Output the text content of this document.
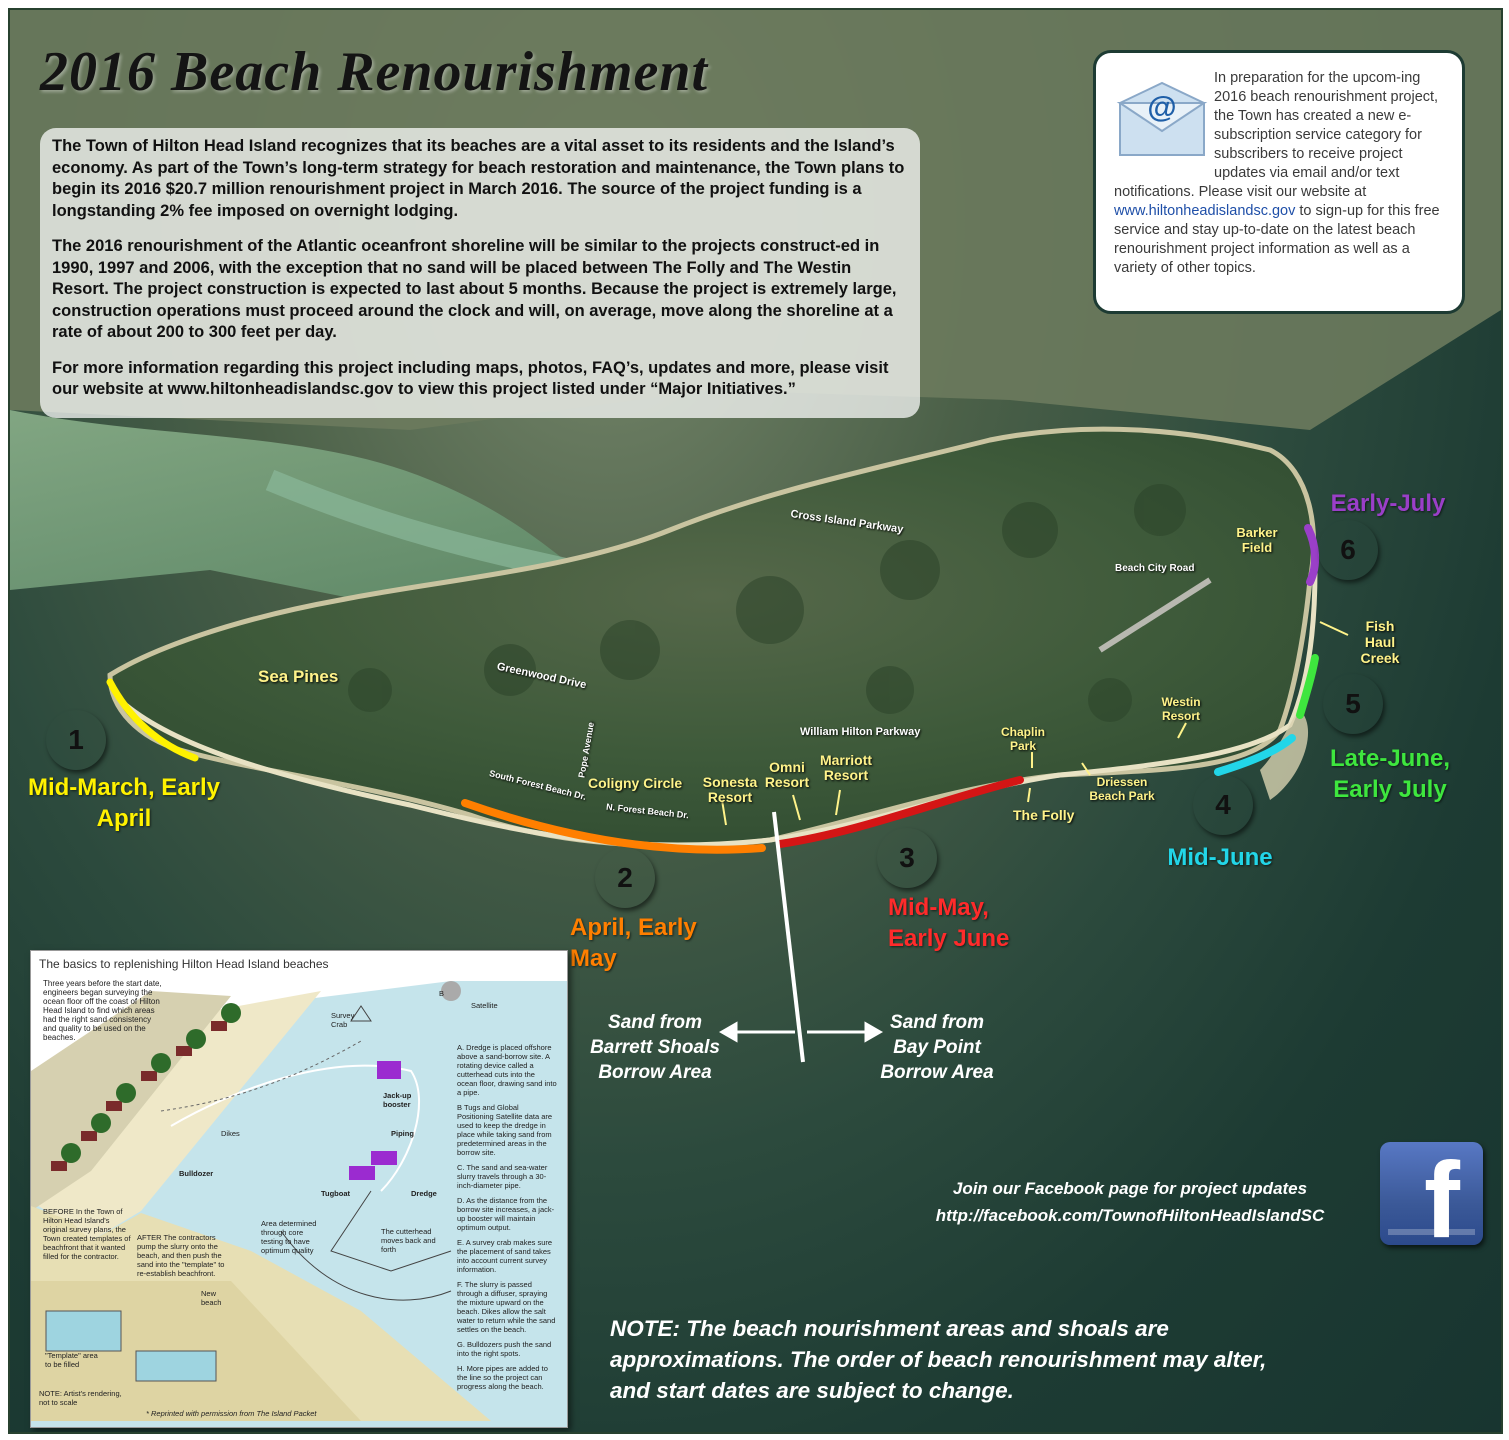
2016 Beach Renourishment

The Town of Hilton Head Island recognizes that its beaches are a vital asset to its residents and the Island’s economy. As part of the Town’s long-term strategy for beach restoration and maintenance, the Town plans to begin its 2016 $20.7 million renourishment project in March 2016. The source of the project funding is a longstanding 2% fee imposed on overnight lodging.

The 2016 renourishment of the Atlantic oceanfront shoreline will be similar to the projects construct-ed in 1990, 1997 and 2006, with the exception that no sand will be placed between The Folly and The Westin Resort. The project construction is expected to last about 5 months. Because the project is extremely large, construction operations must proceed around the clock and will, on average, move along the shoreline at a rate of about 200 to 300 feet per day.

For more information regarding this project including maps, photos, FAQ’s, updates and more, please visit our website at www.hiltonheadislandsc.gov to view this project listed under “Major Initiatives.”

@
In preparation for the upcom-ing 2016 beach renourishment project, the Town has created a new e-subscription service category for subscribers to receive project updates via email and/or text notifications. Please visit our website at www.hiltonheadislandsc.gov to sign-up for this free service and stay up-to-date on the latest beach renourishment project information as well as a variety of other topics.
Sea Pines
Coligny Circle Sonesta Resort
Omni Resort
Marriott Resort
Chaplin Park
The Folly
Driessen Beach Park
Westin Resort
Barker Field
Fish Haul Creek
Cross Island Parkway
Beach City Road
Greenwood Drive
William Hilton Parkway
Pope Avenue
South Forest Beach Dr.
N. Forest Beach Dr.
1
Mid-March, Early April
2
April, Early May
3
Mid-May, Early June
4
Mid-June
5
Late-June, Early July
6
Early-July
Sand from Barrett Shoals Borrow Area
Sand from Bay Point Borrow Area
The basics to replenishing Hilton Head Island beaches
Three years before the start date, engineers began surveying the ocean floor off the coast of Hilton Head Island to find which areas had the right sand consistency and quality to be used on the beaches.
B
Satellite
Survey Crab
Jack-up booster
Piping
Dikes
Bulldozer
Tugboat	Dredge
The cutterhead moves back and forth
Area determined through core testing to have optimum quality
BEFORE In the Town of Hilton Head Island's original survey plans, the Town created templates of beachfront that it wanted filled for the contractor.
AFTER The contractors pump the slurry onto the beach, and then push the sand into the "template" to re-establish beachfront.
New beach
"Template" area to be filled
NOTE: Artist's rendering, not to scale
* Reprinted with permission from The Island Packet
A. Dredge is placed offshore above a sand-borrow site. A rotating device called a cutterhead cuts into the ocean floor, drawing sand into a pipe.
B Tugs and Global Positioning Satellite data are used to keep the dredge in place while taking sand from predetermined areas in the borrow site.
C. The sand and sea-water slurry travels through a 30-inch-diameter pipe.
D. As the distance from the borrow site increases, a jack-up booster will maintain optimum output.
E. A survey crab makes sure the placement of sand takes into account current survey information.
F. The slurry is passed through a diffuser, spraying the mixture upward on the beach. Dikes allow the salt water to return while the sand settles on the beach.
G. Bulldozers push the sand into the right spots.
H. More pipes are added to the line so the project can progress along the beach.
Join our Facebook page for project updates
http://facebook.com/TownofHiltonHeadIslandSC f
NOTE: The beach nourishment areas and shoals are approximations. The order of beach renourishment may alter, and start dates are subject to change.
